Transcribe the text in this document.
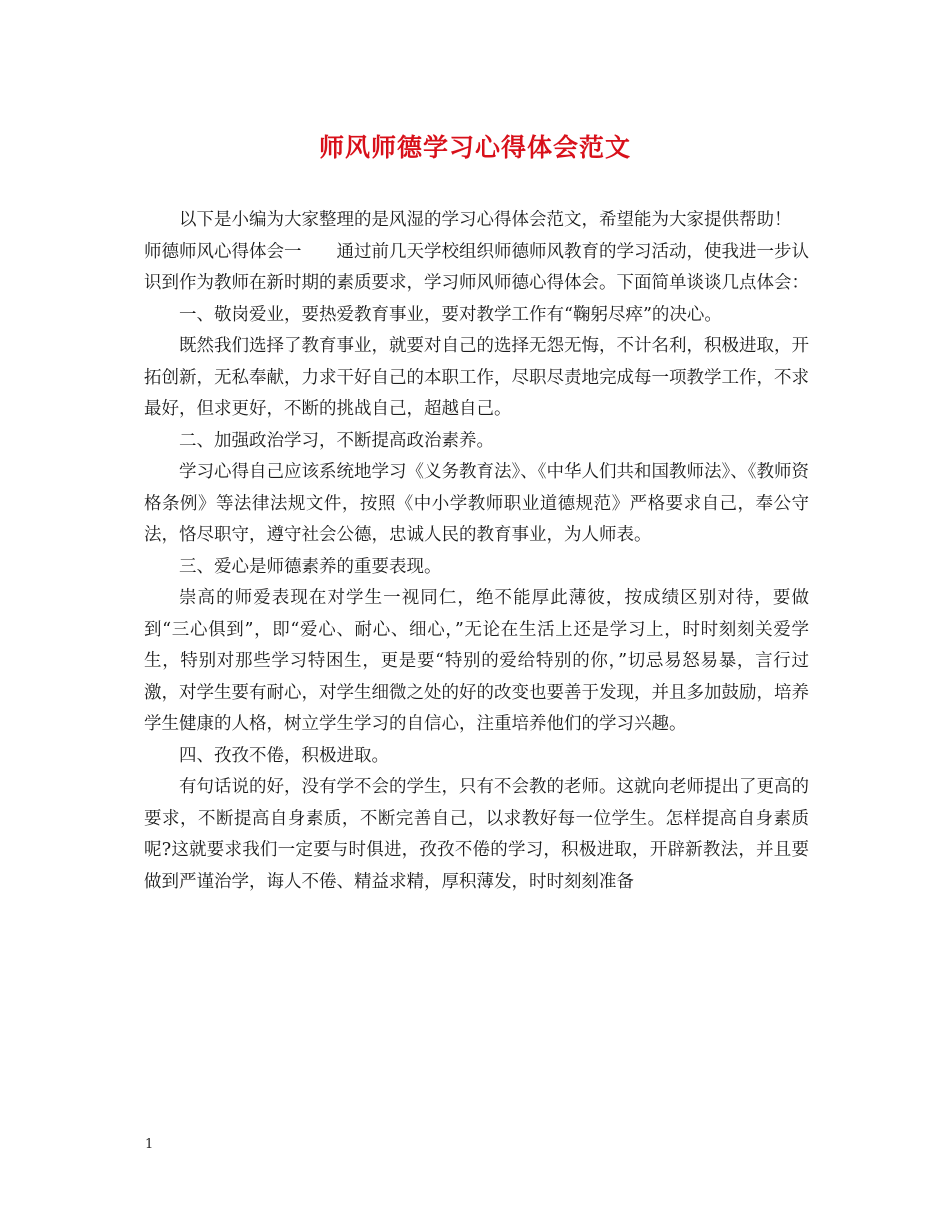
师风师德学习心得体会范文

以下是小编为大家整理的是风湿的学习心得体会范文，希望能为大家提供帮助！

师德师风心得体会一　　通过前几天学校组织师德师风教育的学习活动，使我进一步认识到作为教师在新时期的素质要求，学习师风师德心得体会。下面简单谈谈几点体会：

一、敬岗爱业，要热爱教育事业，要对教学工作有“鞠躬尽瘁”的决心。

既然我们选择了教育事业，就要对自己的选择无怨无悔，不计名利，积极进取，开拓创新，无私奉献，力求干好自己的本职工作，尽职尽责地完成每一项教学工作，不求最好，但求更好，不断的挑战自己，超越自己。

二、加强政治学习，不断提高政治素养。

学习心得自己应该系统地学习《义务教育法》、《中华人们共和国教师法》、《教师资格条例》等法律法规文件，按照《中小学教师职业道德规范》严格要求自己，奉公守法，恪尽职守，遵守社会公德，忠诚人民的教育事业，为人师表。

三、爱心是师德素养的重要表现。

崇高的师爱表现在对学生一视同仁，绝不能厚此薄彼，按成绩区别对待，要做到“三心俱到”，即“爱心、耐心、细心，”无论在生活上还是学习上，时时刻刻关爱学生，特别对那些学习特困生，更是要“特别的爱给特别的你，”切忌易怒易暴，言行过激，对学生要有耐心，对学生细微之处的好的改变也要善于发现，并且多加鼓励，培养学生健康的人格，树立学生学习的自信心，注重培养他们的学习兴趣。

四、孜孜不倦，积极进取。

有句话说的好，没有学不会的学生，只有不会教的老师。这就向老师提出了更高的要求，不断提高自身素质，不断完善自己，以求教好每一位学生。怎样提高自身素质呢?这就要求我们一定要与时俱进，孜孜不倦的学习，积极进取，开辟新教法，并且要做到严谨治学，诲人不倦、精益求精，厚积薄发，时时刻刻准备

1
